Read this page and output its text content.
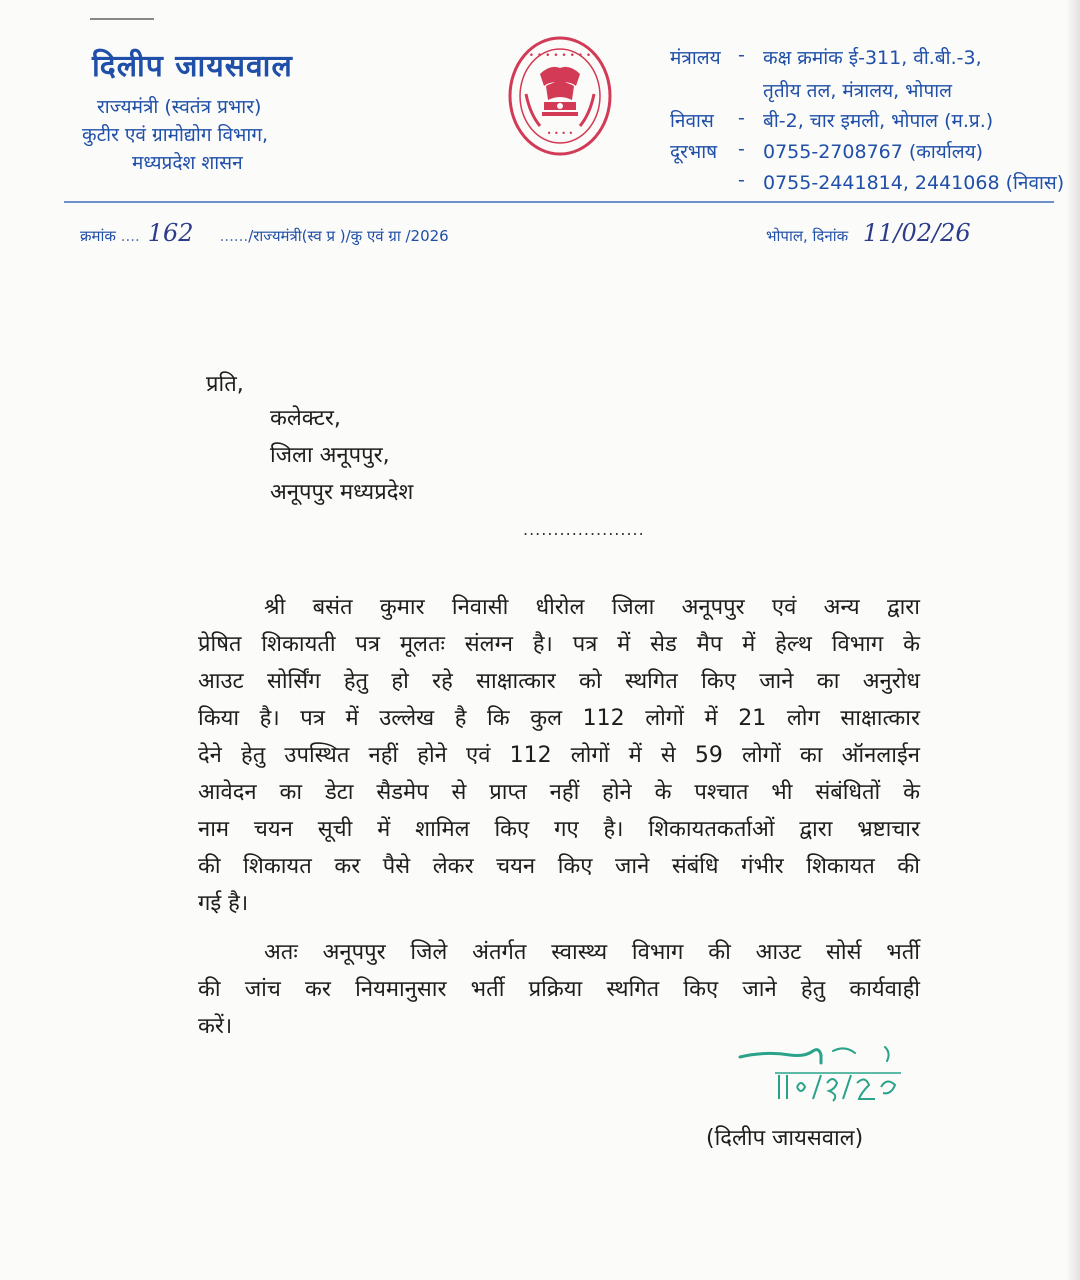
दिलीप जायसवाल
राज्यमंत्री (स्वतंत्र प्रभार)
कुटीर एवं ग्रामोद्योग विभाग,
मध्यप्रदेश शासन
• • • • • • • •
• • • •
मंत्रालय - कक्ष क्रमांक ई-311, वी.बी.-3,
तृतीय तल, मंत्रालय, भोपाल
निवास - बी-2, चार इमली, भोपाल (म.प्र.)
दूरभाष - 0755-2708767 (कार्यालय)
- 0755-2441814, 2441068 (निवास)
क्रमांक .... 162 ....../राज्यमंत्री(स्व प्र )/कु एवं ग्रा /2026	भोपाल, दिनांक 11/02/26
प्रति,
कलेक्टर,
जिला अनूपपुर,
अनूपपुर मध्यप्रदेश
....................
श्री बसंत कुमार निवासी धीरोल जिला अनूपपुर एवं अन्य द्वारा
प्रेषित शिकायती पत्र मूलतः संलग्न है। पत्र में सेड मैप में हेल्थ विभाग के
आउट सोर्सिंग हेतु हो रहे साक्षात्कार को स्थगित किए जाने का अनुरोध
किया है। पत्र में उल्लेख है कि कुल 112 लोगों में 21 लोग साक्षात्कार
देने हेतु उपस्थित नहीं होने एवं 112 लोगों में से 59 लोगों का ऑनलाईन
आवेदन का डेटा सैडमेप से प्राप्त नहीं होने के पश्चात भी संबंधितों के
नाम चयन सूची में शामिल किए गए है। शिकायतकर्ताओं द्वारा भ्रष्टाचार
की शिकायत कर पैसे लेकर चयन किए जाने संबंधि गंभीर शिकायत की
गई है।
अतः अनूपपुर जिले अंतर्गत स्वास्थ्य विभाग की आउट सोर्स भर्ती
की जांच कर नियमानुसार भर्ती प्रक्रिया स्थगित किए जाने हेतु कार्यवाही
करें।
(दिलीप जायसवाल)
